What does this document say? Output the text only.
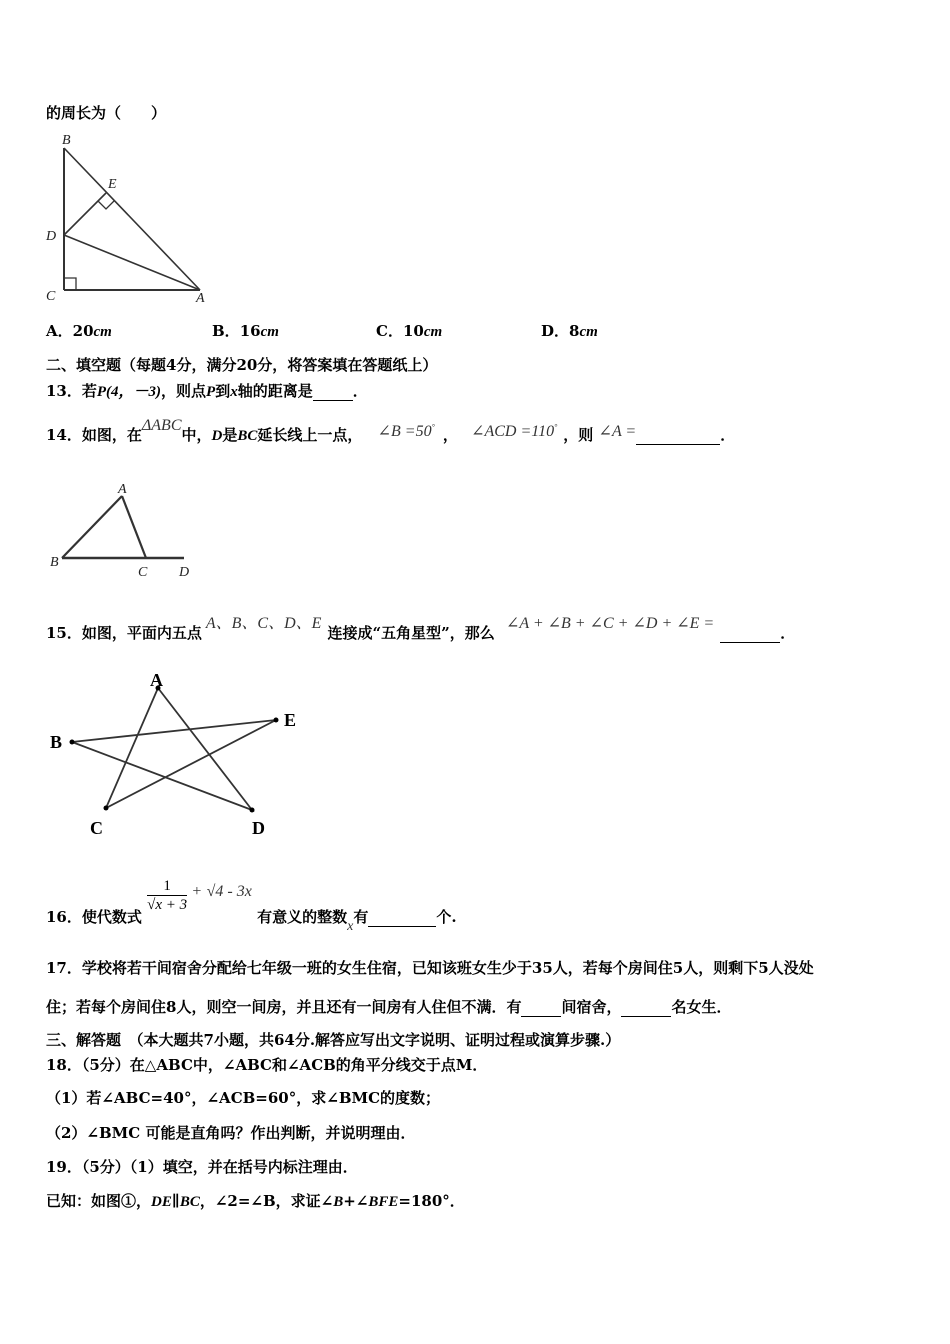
的周长为（　　）
B
E
D
C	A
A．20cm	B．16cm	C．10cm	D．8cm
二、填空题（每题4分，满分20分，将答案填在答题纸上）
13．若P(4，－3)，则点P到x轴的距离是	．
14．如图，在ΔABC中，D是BC延长线上一点， ∠B =50° ， ∠ACD =110° ，则 ∠A =	．
A
B
C D
15．如图，平面内五点A、B、C、D、E连接成“五角星型”，那么 ∠A + ∠B + ∠C + ∠D + ∠E = ．
A
B
C	D
E
16．使代数式
$\frac{1}{√x + 3} + √4 - 3x$ 有意义的整数x有	个.
17．学校将若干间宿舍分配给七年级一班的女生住宿，已知该班女生少于35人，若每个房间住5人，则剩下5人没处
住；若每个房间住8人，则空一间房，并且还有一间房有人住但不满．有	间宿舍，	名女生．
三、解答题　（本大题共7小题，共64分.解答应写出文字说明、证明过程或演算步骤.）
18．（5分）在△ABC中，∠ABC和∠ACB的角平分线交于点M．
（1）若∠ABC=40°，∠ACB=60°，求∠BMC的度数；
（2）∠BMC 可能是直角吗？作出判断，并说明理由．
19．（5分）（1）填空，并在括号内标注理由．
已知：如图①，DE∥BC，∠2=∠B，求证∠B+∠BFE=180°．
